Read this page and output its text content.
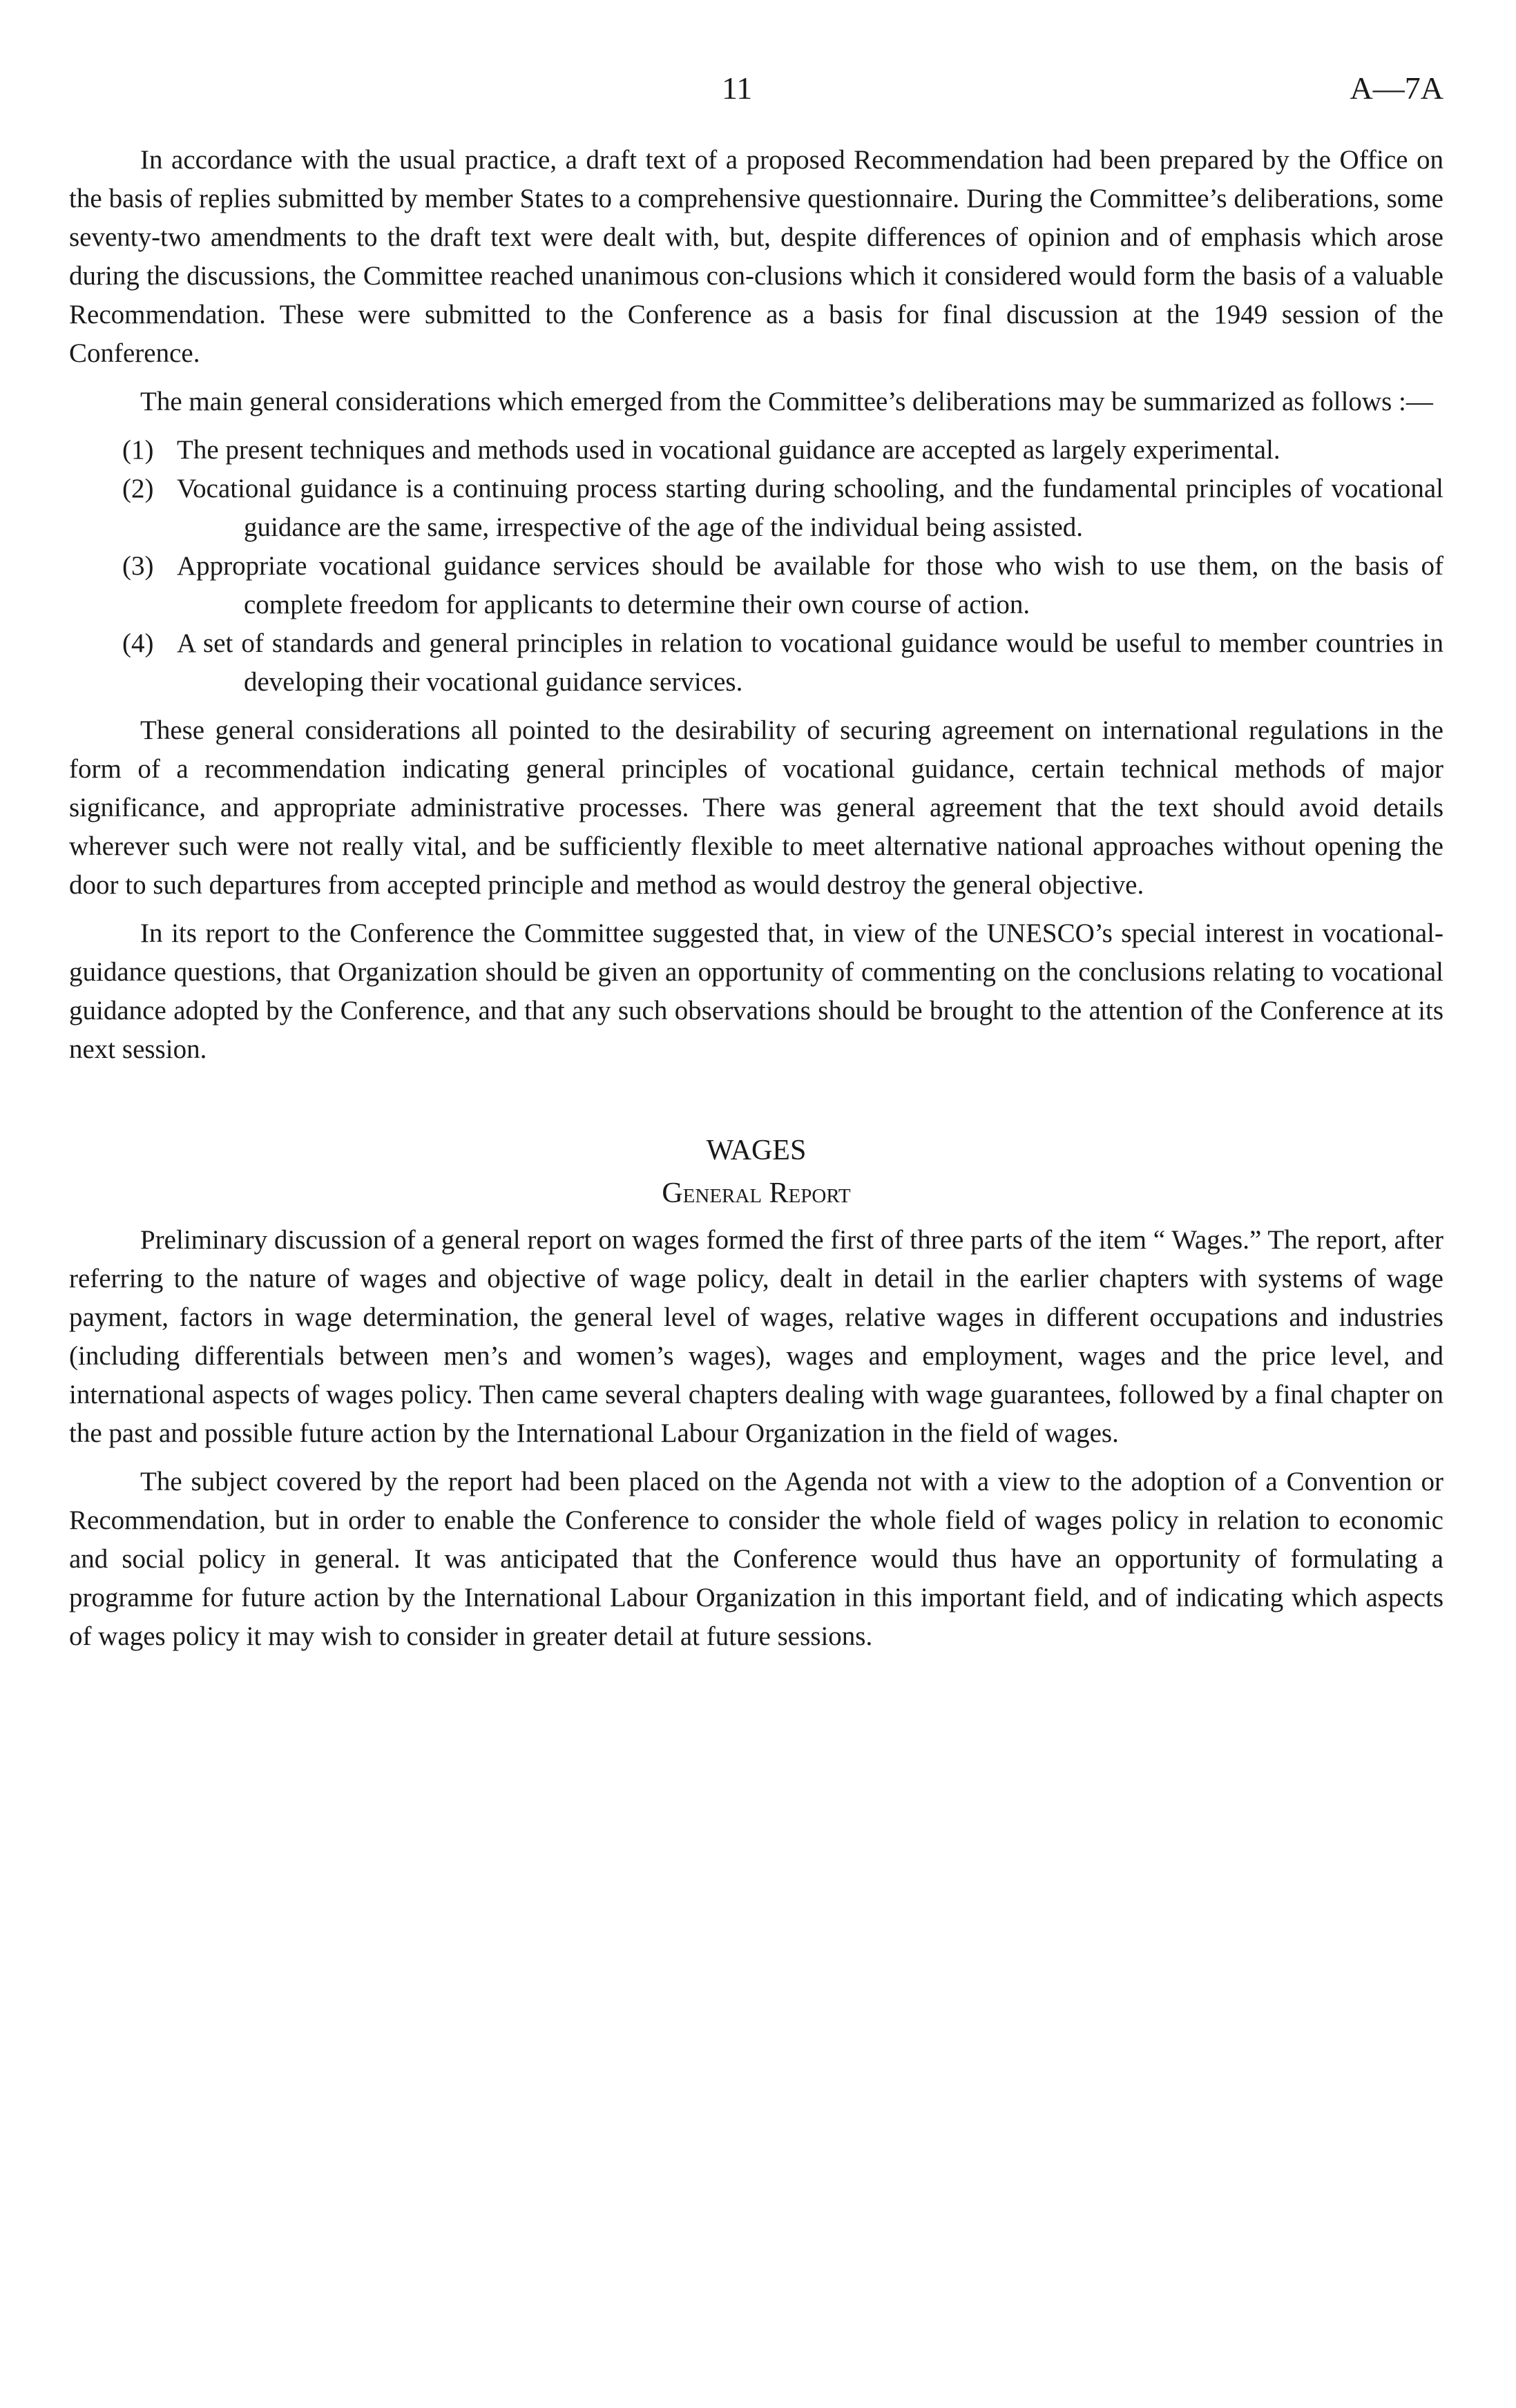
11	A—7A

In accordance with the usual practice, a draft text of a proposed Recommendation had been prepared by the Office on the basis of replies submitted by member States to a comprehensive questionnaire. During the Committee’s deliberations, some seventy-two amendments to the draft text were dealt with, but, despite differences of opinion and of emphasis which arose during the discussions, the Committee reached unanimous con-clusions which it considered would form the basis of a valuable Recommendation. These were submitted to the Conference as a basis for final discussion at the 1949 session of the Conference.

The main general considerations which emerged from the Committee’s deliberations may be summarized as follows :—

(1) The present techniques and methods used in vocational guidance are accepted as largely experimental.
(2) Vocational guidance is a continuing process starting during schooling, and the fundamental principles of vocational guidance are the same, irrespective of the age of the individual being assisted.
(3) Appropriate vocational guidance services should be available for those who wish to use them, on the basis of complete freedom for applicants to determine their own course of action.
(4) A set of standards and general principles in relation to vocational guidance would be useful to member countries in developing their vocational guidance services.

These general considerations all pointed to the desirability of securing agreement on international regulations in the form of a recommendation indicating general principles of vocational guidance, certain technical methods of major significance, and appropriate administrative processes. There was general agreement that the text should avoid details wherever such were not really vital, and be sufficiently flexible to meet alternative national approaches without opening the door to such departures from accepted principle and method as would destroy the general objective.

In its report to the Conference the Committee suggested that, in view of the UNESCO’s special interest in vocational-guidance questions, that Organization should be given an opportunity of commenting on the conclusions relating to vocational guidance adopted by the Conference, and that any such observations should be brought to the attention of the Conference at its next session.

WAGES
General Report

Preliminary discussion of a general report on wages formed the first of three parts of the item “ Wages.” The report, after referring to the nature of wages and objective of wage policy, dealt in detail in the earlier chapters with systems of wage payment, factors in wage determination, the general level of wages, relative wages in different occupations and industries (including differentials between men’s and women’s wages), wages and employment, wages and the price level, and international aspects of wages policy. Then came several chapters dealing with wage guarantees, followed by a final chapter on the past and possible future action by the International Labour Organization in the field of wages.

The subject covered by the report had been placed on the Agenda not with a view to the adoption of a Convention or Recommendation, but in order to enable the Conference to consider the whole field of wages policy in relation to economic and social policy in general. It was anticipated that the Conference would thus have an opportunity of formulating a programme for future action by the International Labour Organization in this important field, and of indicating which aspects of wages policy it may wish to consider in greater detail at future sessions.
